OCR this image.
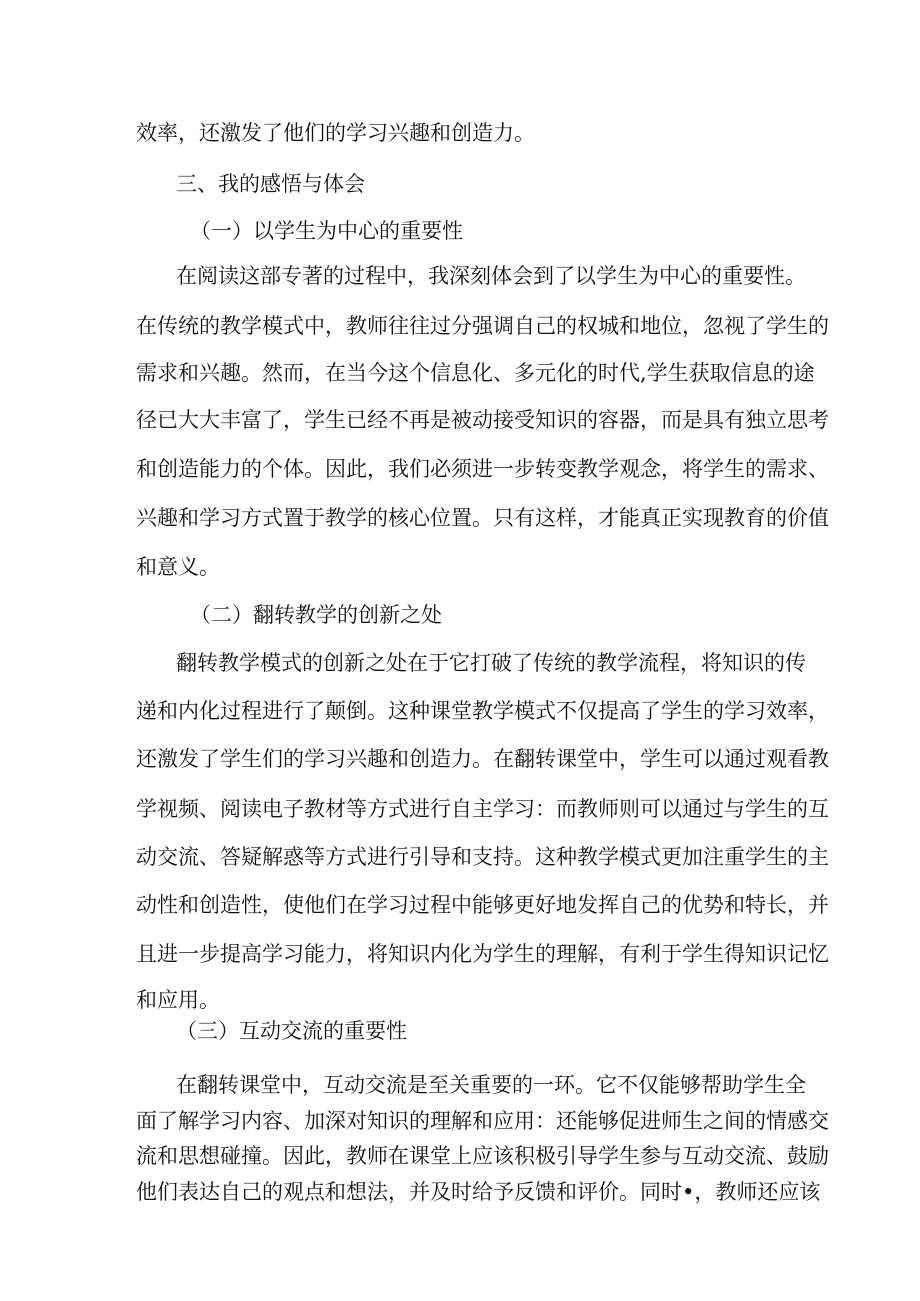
效率，还激发了他们的学习兴趣和创造力。
三、我的感悟与体会
（一）以学生为中心的重要性
在阅读这部专著的过程中，我深刻体会到了以学生为中心的重要性。
在传统的教学模式中，教师往往过分强调自己的权城和地位，忽视了学生的
需求和兴趣。然而，在当今这个信息化、多元化的时代,学生获取信息的途
径已大大丰富了，学生已经不再是被动接受知识的容器，而是具有独立思考
和创造能力的个体。因此，我们必须进一步转变教学观念，将学生的需求、
兴趣和学习方式置于教学的核心位置。只有这样，才能真正实现教育的价值
和意义。
（二）翻转教学的创新之处
翻转教学模式的创新之处在于它打破了传统的教学流程，将知识的传
递和内化过程进行了颠倒。这种课堂教学模式不仅提高了学生的学习效率，
还激发了学生们的学习兴趣和创造力。在翻转课堂中，学生可以通过观看教
学视频、阅读电子教材等方式进行自主学习：而教师则可以通过与学生的互
动交流、答疑解惑等方式进行引导和支持。这种教学模式更加注重学生的主
动性和创造性，使他们在学习过程中能够更好地发挥自己的优势和特长，并
且进一步提高学习能力，将知识内化为学生的理解，有利于学生得知识记忆
和应用。
（三）互动交流的重要性
在翻转课堂中，互动交流是至关重要的一环。它不仅能够帮助学生全
面了解学习内容、加深对知识的理解和应用：还能够促进师生之间的情感交
流和思想碰撞。因此，教师在课堂上应该积极引导学生参与互动交流、鼓励
他们表达自己的观点和想法，并及时给予反馈和评价。同时•，教师还应该
